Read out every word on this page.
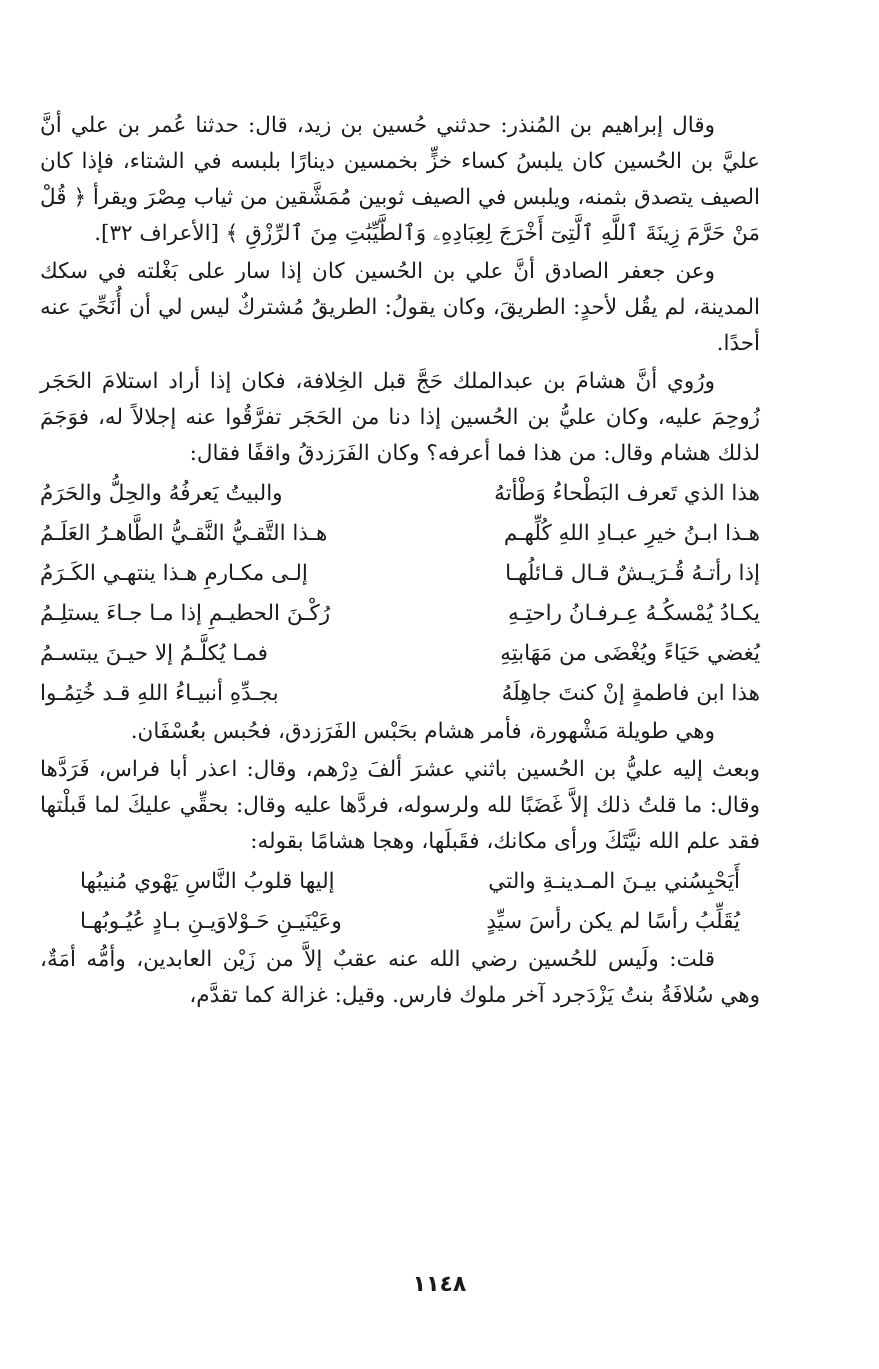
وقال إبراهيم بن المُنذر: حدثني حُسين بن زيد، قال: حدثنا عُمر بن علي أنَّ عليَّ بن الحُسين كان يلبسُ كساء خزٍّ بخمسين دينارًا بلبسه في الشتاء، فإذا كان الصيف يتصدق بثمنه، ويلبس في الصيف ثوبين مُمَشَّقين من ثياب مِصْرَ ويقرأ ﴿ قُلْ مَنْ حَرَّمَ زِينَةَ ٱللَّهِ ٱلَّتِىٓ أَخْرَجَ لِعِبَادِهِۦ وَٱلطَّيِّبَٰتِ مِنَ ٱلرِّزْقِ ﴾ [الأعراف ٣٢].

وعن جعفر الصادق أنَّ علي بن الحُسين كان إذا سار على بَغْلته في سكك المدينة، لم يقُل لأحدٍ: الطريقَ، وكان يقولُ: الطريقُ مُشتركٌ ليس لي أن أُنَحِّيَ عنه أحدًا.

ورُوي أنَّ هشامَ بن عبدالملك حَجَّ قبل الخِلافة، فكان إذا أراد استلامَ الحَجَر زُوحِمَ عليه، وكان عليُّ بن الحُسين إذا دنا من الحَجَر تفرَّقُوا عنه إجلالاً له، فوَجَمَ لذلك هشام وقال: من هذا فما أعرفه؟ وكان الفَرَزدقُ واقفًا فقال:

هذا الذي تَعرف البَطْحاءُ وَطْأتهُ
والبيتُ يَعرفُهُ والحِلُّ والحَرَمُ
هـذا ابـنُ خيرِ عبـادِ اللهِ كُلِّهـم
هـذا التَّقـيُّ النَّقـيُّ الطَّاهـرُ العَلَـمُ
إذا رأتـهُ قُـرَيـشٌ قـال قـائلُهـا
إلـى مكـارمِ هـذا ينتهـي الكَـرَمُ
يكـادُ يُمْسكُـهُ عِـرفـانُ راحتِـهِ
رُكْـنَ الحطيـمِ إذا مـا جـاءَ يستلِـمُ
يُغضي حَيَاءً ويُغْضَى من مَهَابتِهِ
فمـا يُكلَّـمُ إلا حيـنَ يبتسـمُ
هذا ابن فاطمةٍ إنْ كنتَ جاهِلَهُ
بجـدِّهِ أنبيـاءُ اللهِ قـد خُتِمُـوا

وهي طويلة مَشْهورة، فأمر هشام بحَبْس الفَرَزدق، فحُبس بعُسْفَان.

وبعث إليه عليُّ بن الحُسين باثني عشرَ ألفَ دِرْهم، وقال: اعذر أبا فراس، فَرَدَّها وقال: ما قلتُ ذلك إلاَّ غَضَبًا لله ولرسوله، فردَّها عليه وقال: بحقِّي عليكَ لما قَبلْتها فقد علم الله نيَّتَكَ ورأى مكانك، فقَبلَها، وهجا هشامًا بقوله:

أَيَحْبِسُني بيـنَ المـدينـةِ والتي
إليها قلوبُ النَّاسِ يَهْوي مُنيبُها
يُقَلِّبُ رأسًا لم يكن رأسَ سيِّدٍ
وعَيْنَيـنِ حَـوْلاوَيـنِ بـادٍ عُيُـوبُهـا

قلت: ولَيس للحُسين رضي الله عنه عقبٌ إلاَّ من زَيْن العابدين، وأمُّه أمَةٌ، وهي سُلافَةُ بنتُ يَزْدَجرد آخر ملوك فارس. وقيل: غزالة كما تقدَّم،

١١٤٨
